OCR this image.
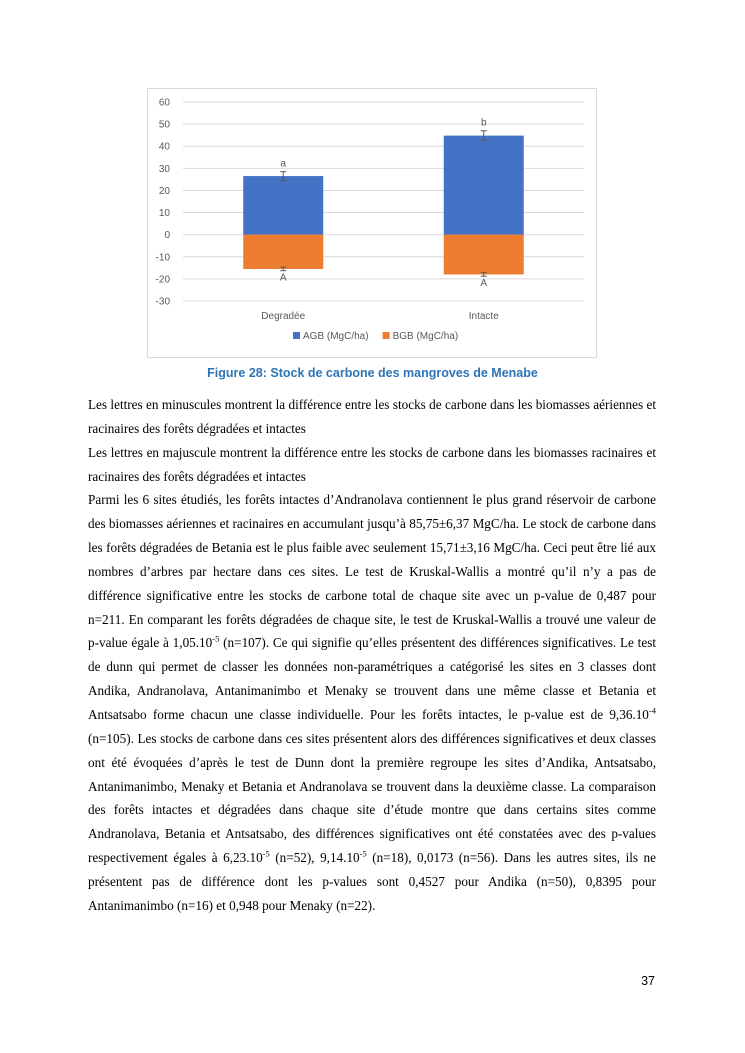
60
50
40
30
20
10
0
-10
-20
-30
a
A
Degradée
b
A
Intacte
AGB (MgC/ha) BGB (MgC/ha)
Figure 28: Stock de carbone des mangroves de Menabe

Les lettres en minuscules montrent la différence entre les stocks de carbone dans les biomasses aériennes et racinaires des forêts dégradées et intactes

Les lettres en majuscule montrent la différence entre les stocks de carbone dans les biomasses racinaires et racinaires des forêts dégradées et intactes

Parmi les 6 sites étudiés, les forêts intactes d’Andranolava contiennent le plus grand réservoir de carbone des biomasses aériennes et racinaires en accumulant jusqu’à 85,75±6,37 MgC/ha. Le stock de carbone dans les forêts dégradées de Betania est le plus faible avec seulement 15,71±3,16 MgC/ha. Ceci peut être lié aux nombres d’arbres par hectare dans ces sites. Le test de Kruskal-Wallis a montré qu’il n’y a pas de différence significative entre les stocks de carbone total de chaque site avec un p-value de 0,487 pour n=211. En comparant les forêts dégradées de chaque site, le test de Kruskal-Wallis a trouvé une valeur de p-value égale à $1,05.10^{-5}$ (n=107). Ce qui signifie qu’elles présentent des différences significatives. Le test de dunn qui permet de classer les données non-paramétriques a catégorisé les sites en 3 classes dont Andika, Andranolava, Antanimanimbo et Menaky se trouvent dans une même classe et Betania et Antsatsabo forme chacun une classe individuelle. Pour les forêts intactes, le p-value est de $9,36.10^{-4}$ (n=105). Les stocks de carbone dans ces sites présentent alors des différences significatives et deux classes ont été évoquées d’après le test de Dunn dont la première regroupe les sites d’Andika, Antsatsabo, Antanimanimbo, Menaky et Betania et Andranolava se trouvent dans la deuxième classe. La comparaison des forêts intactes et dégradées dans chaque site d’étude montre que dans certains sites comme Andranolava, Betania et Antsatsabo, des différences significatives ont été constatées avec des p-values respectivement égales à $6,23.10^{-5}$ (n=52), $9,14.10^{-5}$ (n=18), 0,0173 (n=56). Dans les autres sites, ils ne présentent pas de différence dont les p-values sont 0,4527 pour Andika (n=50), 0,8395 pour Antanimanimbo (n=16) et 0,948 pour Menaky (n=22).

37
